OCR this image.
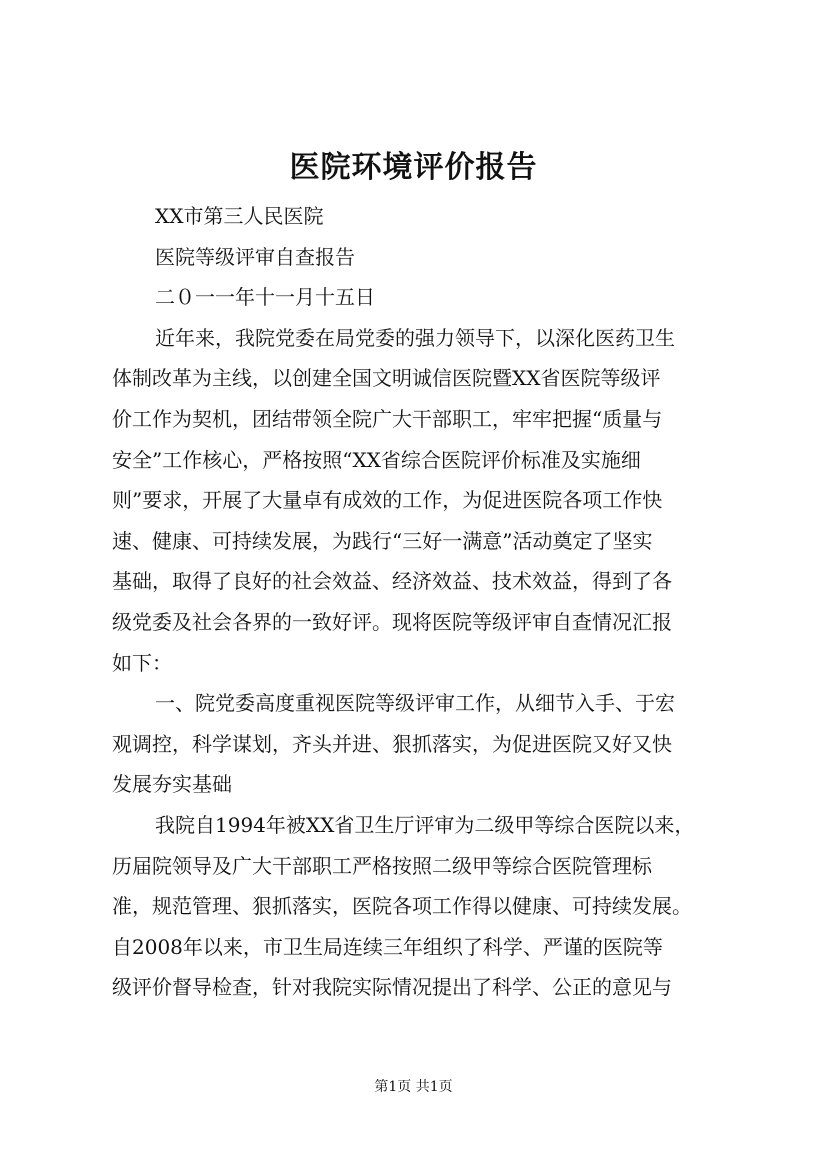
医院环境评价报告
XX市第三人民医院
医院等级评审自查报告
二０一一年十一月十五日
近年来，我院党委在局党委的强力领导下，以深化医药卫生
体制改革为主线，以创建全国文明诚信医院暨XX省医院等级评
价工作为契机，团结带领全院广大干部职工，牢牢把握“质量与
安全”工作核心，严格按照“XX省综合医院评价标准及实施细
则”要求，开展了大量卓有成效的工作，为促进医院各项工作快
速、健康、可持续发展，为践行“三好一满意”活动奠定了坚实
基础，取得了良好的社会效益、经济效益、技术效益，得到了各
级党委及社会各界的一致好评。现将医院等级评审自查情况汇报
如下：
一、院党委高度重视医院等级评审工作，从细节入手、于宏
观调控，科学谋划，齐头并进、狠抓落实，为促进医院又好又快
发展夯实基础
我院自1994年被XX省卫生厅评审为二级甲等综合医院以来，
历届院领导及广大干部职工严格按照二级甲等综合医院管理标
准，规范管理、狠抓落实，医院各项工作得以健康、可持续发展。
自2008年以来，市卫生局连续三年组织了科学、严谨的医院等
级评价督导检查，针对我院实际情况提出了科学、公正的意见与
第1页 共1页
